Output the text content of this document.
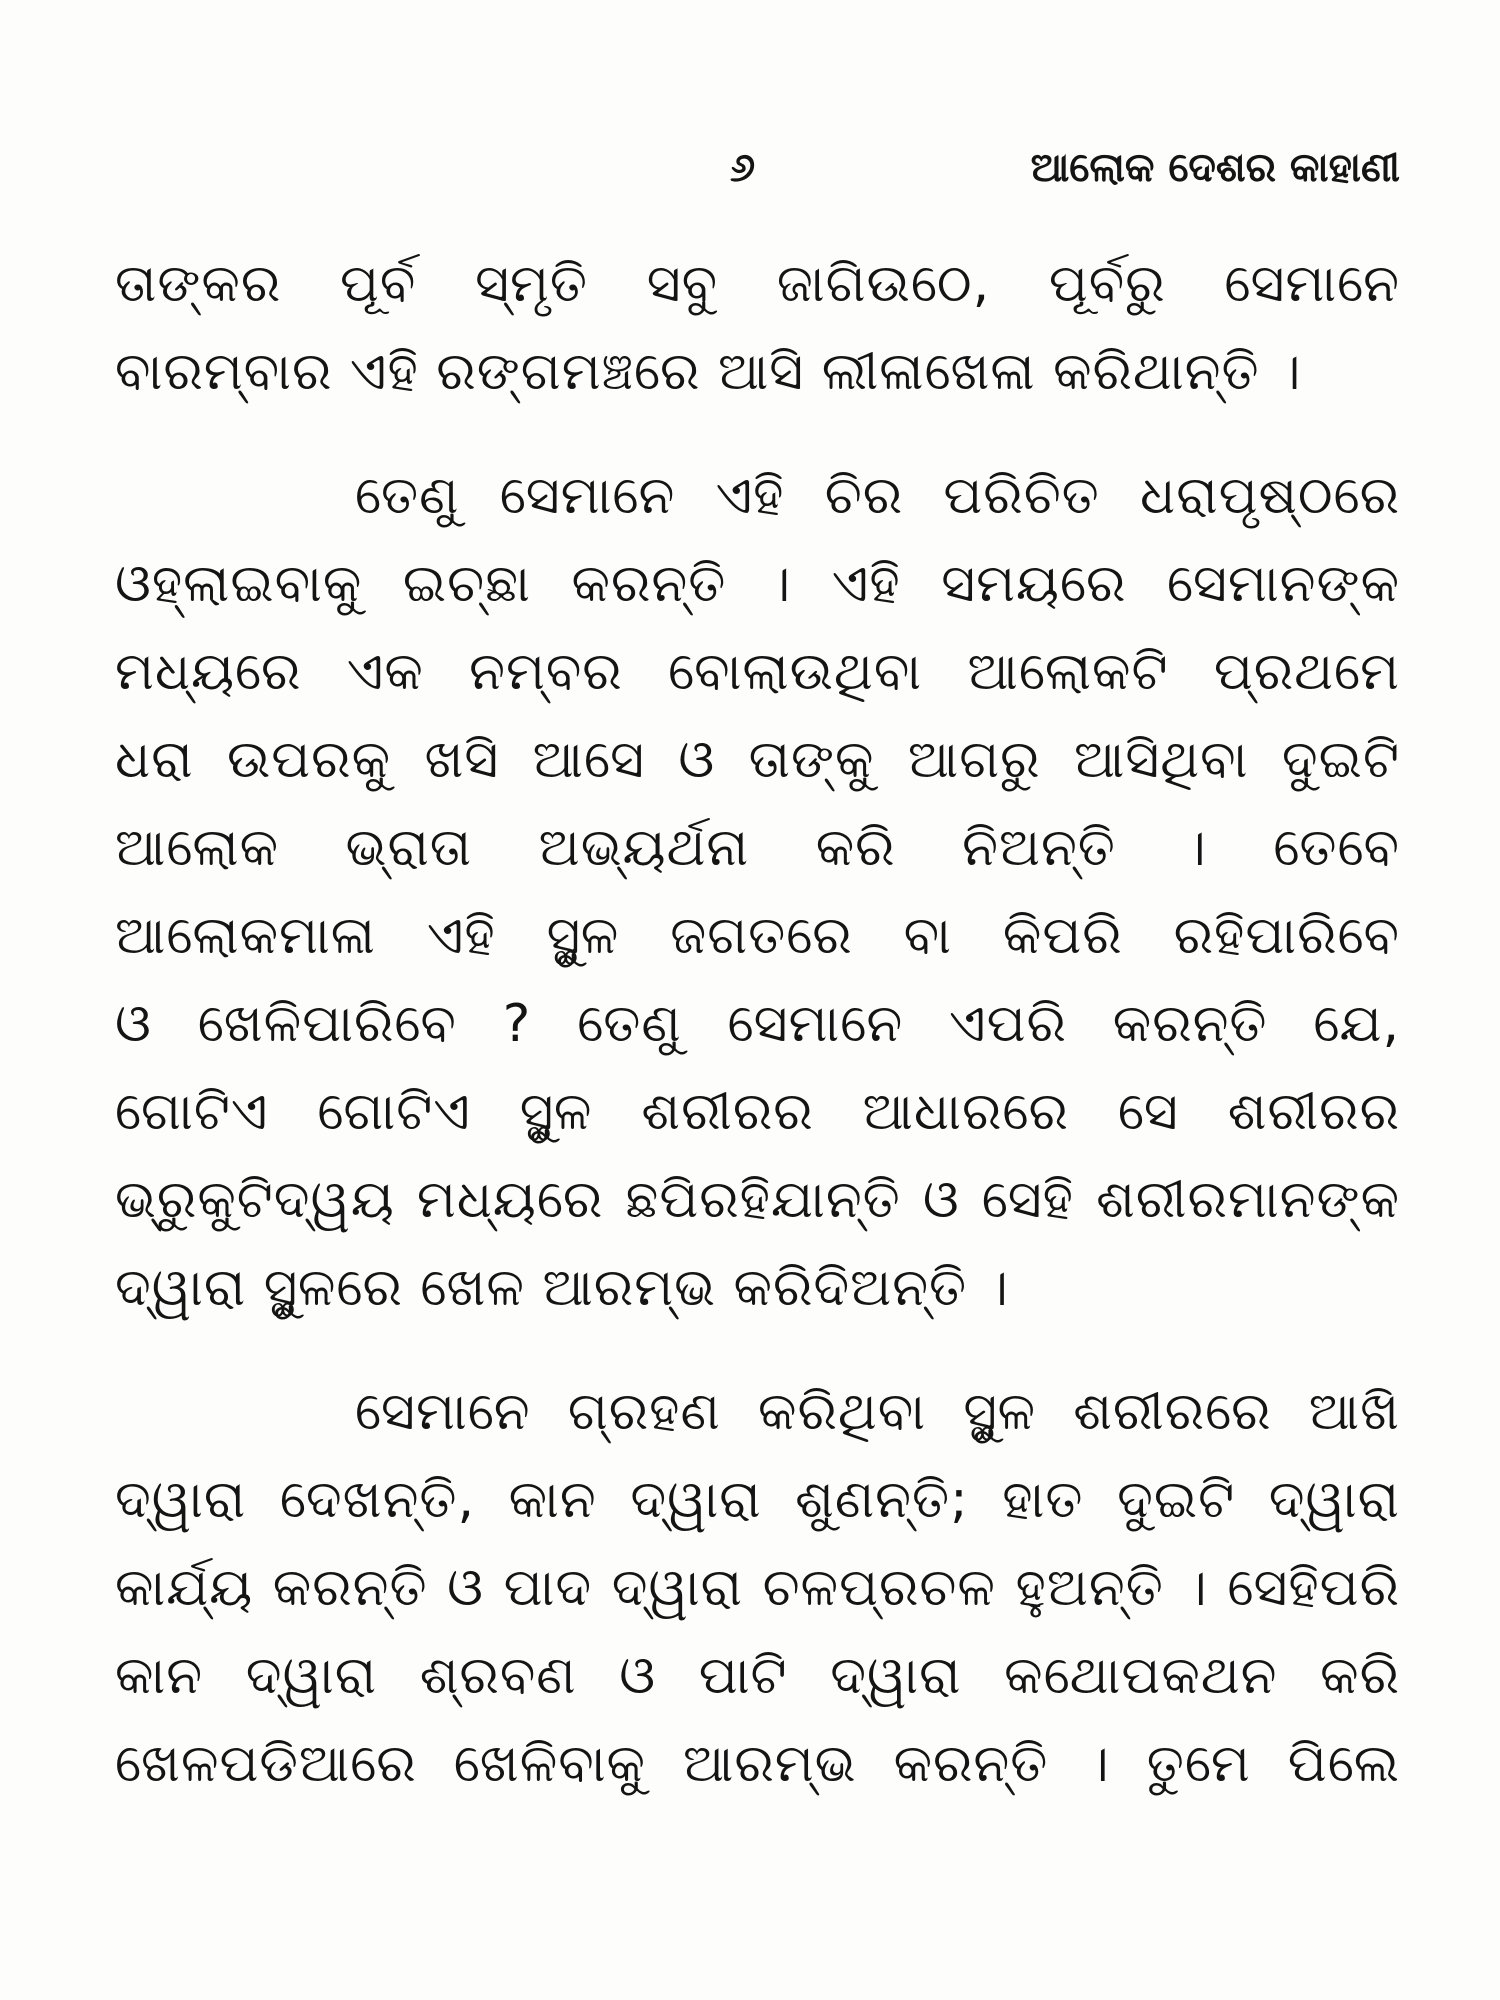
୬	ଆଲୋକ ଦେଶର କାହାଣୀ

ତାଙ୍କର ପୂର୍ବ ସ୍ମୃତି ସବୁ ଜାଗିଉଠେ, ପୂର୍ବରୁ ସେମାନେ
ବାରମ୍ବାର ଏହି ରଙ୍ଗମଞ୍ଚରେ ଆସି ଲୀଳାଖେଳା କରିଥାନ୍ତି ।

ତେଣୁ ସେମାନେ ଏହି ଚିର ପରିଚିତ ଧରାପୃଷ୍ଠରେ
ଓହ୍ଲାଇବାକୁ ଇଚ୍ଛା କରନ୍ତି । ଏହି ସମୟରେ ସେମାନଙ୍କ
ମଧ୍ୟରେ ଏକ ନମ୍ବର ବୋଲାଉଥିବା ଆଲୋକଟି ପ୍ରଥମେ
ଧରା ଉପରକୁ ଖସି ଆସେ ଓ ତାଙ୍କୁ ଆଗରୁ ଆସିଥିବା ଦୁଇଟି
ଆଲୋକ ଭ୍ରାତା ଅଭ୍ୟର୍ଥନା କରି ନିଅନ୍ତି । ତେବେ
ଆଲୋକମାଳା ଏହି ସ୍ଥୁଳ ଜଗତରେ ବା କିପରି ରହିପାରିବେ
ଓ ଖେଳିପାରିବେ ? ତେଣୁ ସେମାନେ ଏପରି କରନ୍ତି ଯେ,
ଗୋଟିଏ ଗୋଟିଏ ସ୍ଥୁଳ ଶରୀରର ଆଧାରରେ ସେ ଶରୀରର
ଭ୍ରୁକୁଟିଦ୍ୱୟ ମଧ୍ୟରେ ଛପିରହିଯାନ୍ତି ଓ ସେହି ଶରୀରମାନଙ୍କ
ଦ୍ୱାରା ସ୍ଥୁଳରେ ଖେଳ ଆରମ୍ଭ କରିଦିଅନ୍ତି ।

ସେମାନେ ଗ୍ରହଣ କରିଥିବା ସ୍ଥୁଳ ଶରୀରରେ ଆଖି
ଦ୍ୱାରା ଦେଖନ୍ତି, କାନ ଦ୍ୱାରା ଶୁଣନ୍ତି; ହାତ ଦୁଇଟି ଦ୍ୱାରା
କାର୍ଯ୍ୟ କରନ୍ତି ଓ ପାଦ ଦ୍ୱାରା ଚଳପ୍ରଚଳ ହୁଅନ୍ତି । ସେହିପରି
କାନ ଦ୍ୱାରା ଶ୍ରବଣ ଓ ପାଟି ଦ୍ୱାରା କଥୋପକଥନ କରି
ଖେଳପଡିଆରେ ଖେଳିବାକୁ ଆରମ୍ଭ କରନ୍ତି । ତୁମେ ପିଲେ
